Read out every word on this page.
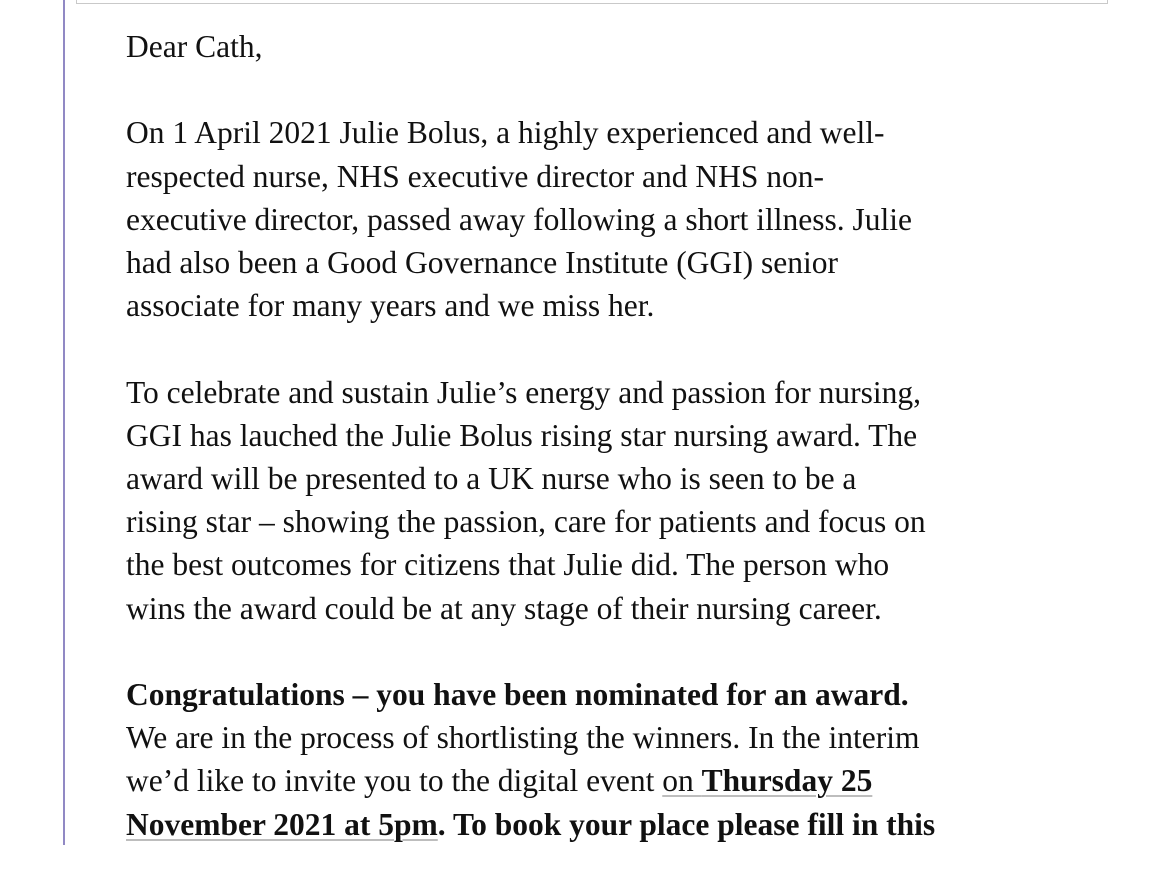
Dear Cath,

On 1 April 2021 Julie Bolus, a highly experienced and well-
respected nurse, NHS executive director and NHS non-
executive director, passed away following a short illness. Julie
had also been a Good Governance Institute (GGI) senior
associate for many years and we miss her.

To celebrate and sustain Julie’s energy and passion for nursing,
GGI has lauched the Julie Bolus rising star nursing award. The
award will be presented to a UK nurse who is seen to be a
rising star – showing the passion, care for patients and focus on
the best outcomes for citizens that Julie did. The person who
wins the award could be at any stage of their nursing career.

Congratulations – you have been nominated for an award.
We are in the process of shortlisting the winners. In the interim
we’d like to invite you to the digital event on Thursday 25
November 2021 at 5pm. To book your place please fill in this
